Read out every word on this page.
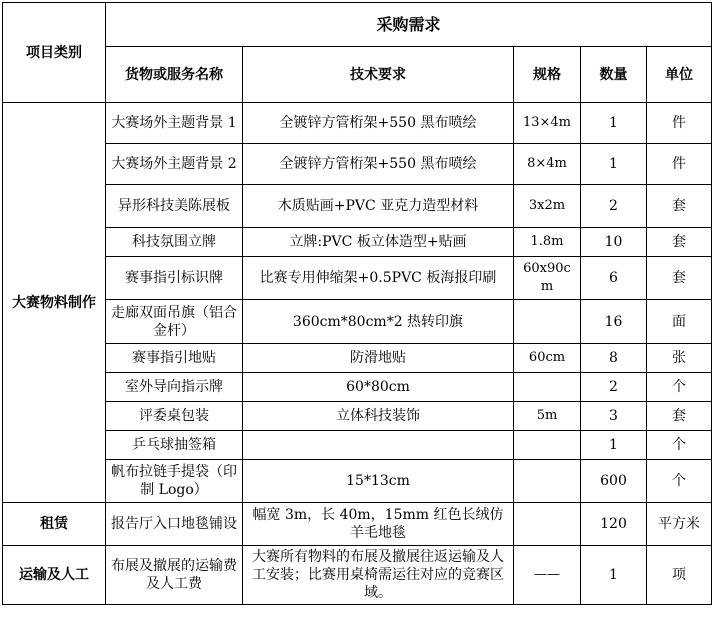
项目类别	采购需求				
	货物或服务名称	技术要求	规格	数量	单位
大赛物料制作	大赛场外主题背景 1	全镀锌方管桁架+550 黑布喷绘	13×4m	1	件
	大赛场外主题背景 2	全镀锌方管桁架+550 黑布喷绘	8×4m	1	件
	异形科技美陈展板	木质贴画+PVC 亚克力造型材料	3x2m	2	套
	科技氛围立牌	立牌:PVC 板立体造型+贴画	1.8m	10	套
	赛事指引标识牌	比赛专用伸缩架+0.5PVC 板海报印刷	60x90cm	6	套
	走廊双面吊旗（铝合金杆）	360cm*80cm*2 热转印旗		16	面
	赛事指引地贴	防滑地贴	60cm	8	张
	室外导向指示牌	60*80cm		2	个
	评委桌包装	立体科技装饰	5m	3	套
	乒乓球抽签箱			1	个
	帆布拉链手提袋（印制 Logo）	15*13cm		600	个
租赁	报告厅入口地毯铺设	幅宽 3m，长 40m，15mm 红色长绒仿羊毛地毯		120	平方米
运输及人工	布展及撤展的运输费及人工费	大赛所有物料的布展及撤展往返运输及人工安装；比赛用桌椅需运往对应的竞赛区域。	——	1	项
